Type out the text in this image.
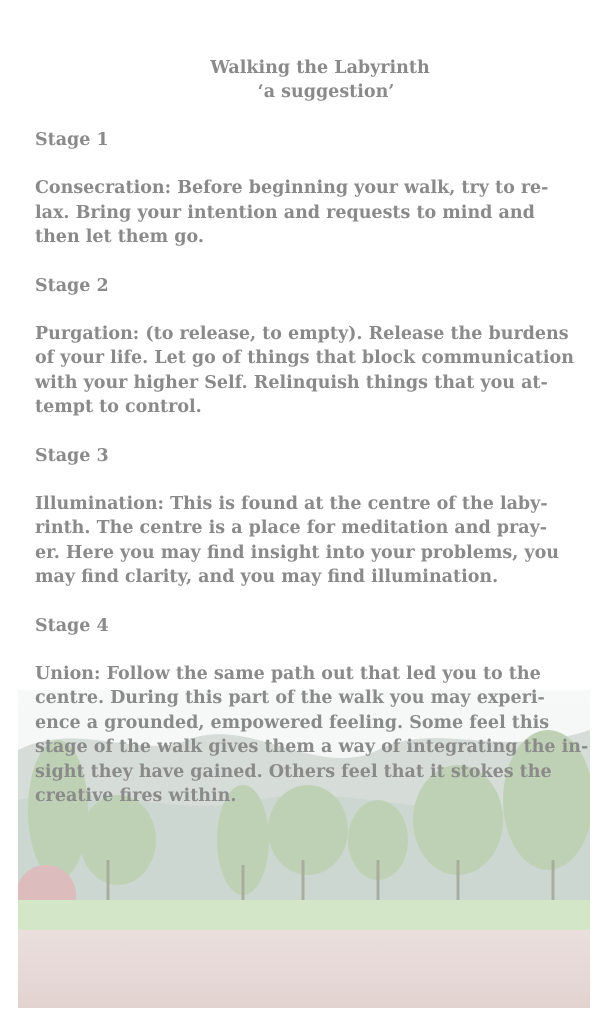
Walking the Labyrinth
‘a suggestion’
Stage 1
Consecration: Before beginning your walk, try to re-
lax. Bring your intention and requests to mind and
then let them go.
Stage 2
Purgation: (to release, to empty). Release the burdens
of your life. Let go of things that block communication
with your higher Self. Relinquish things that you at-
tempt to control.
Stage 3
Illumination: This is found at the centre of the laby-
rinth. The centre is a place for meditation and pray-
er. Here you may find insight into your problems, you
may find clarity, and you may find illumination.
Stage 4
Union: Follow the same path out that led you to the
centre. During this part of the walk you may experi-
ence a grounded, empowered feeling. Some feel this
stage of the walk gives them a way of integrating the in-
sight they have gained. Others feel that it stokes the
creative fires within.
